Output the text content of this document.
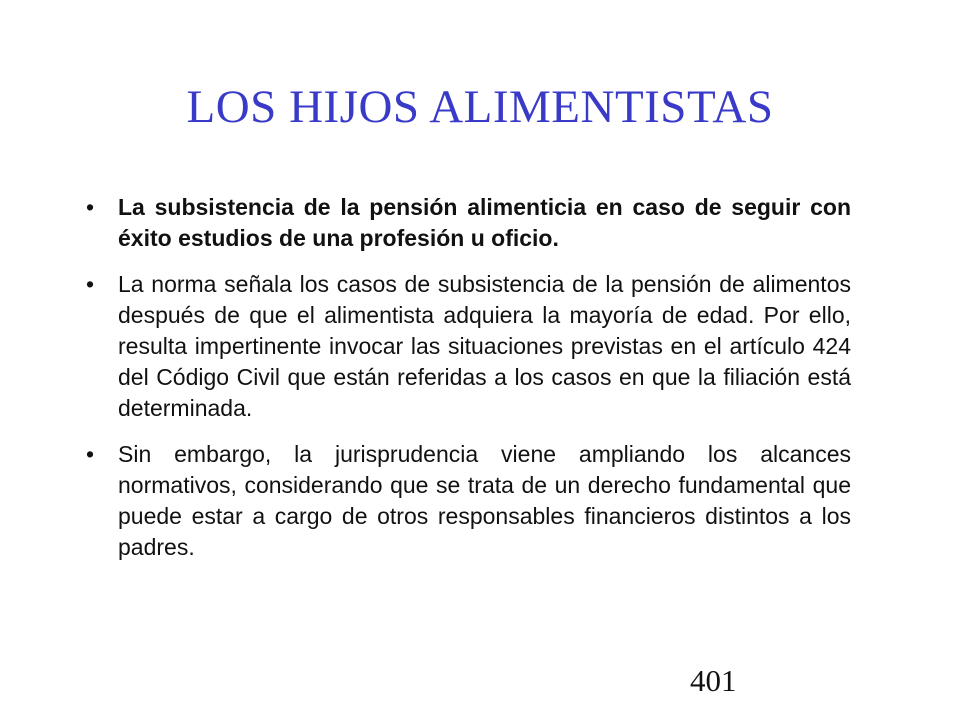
LOS HIJOS ALIMENTISTAS
• La subsistencia de la pensión alimenticia en caso de seguir con éxito estudios de una profesión u oficio.
• La norma señala los casos de subsistencia de la pensión de alimentos después de que el alimentista adquiera la mayoría de edad. Por ello, resulta impertinente invocar las situaciones previstas en el artículo 424 del Código Civil que están referidas a los casos en que la filiación está determinada.
• Sin embargo, la jurisprudencia viene ampliando los alcances normativos, considerando que se trata de un derecho fundamental que puede estar a cargo de otros responsables financieros distintos a los padres.
401
